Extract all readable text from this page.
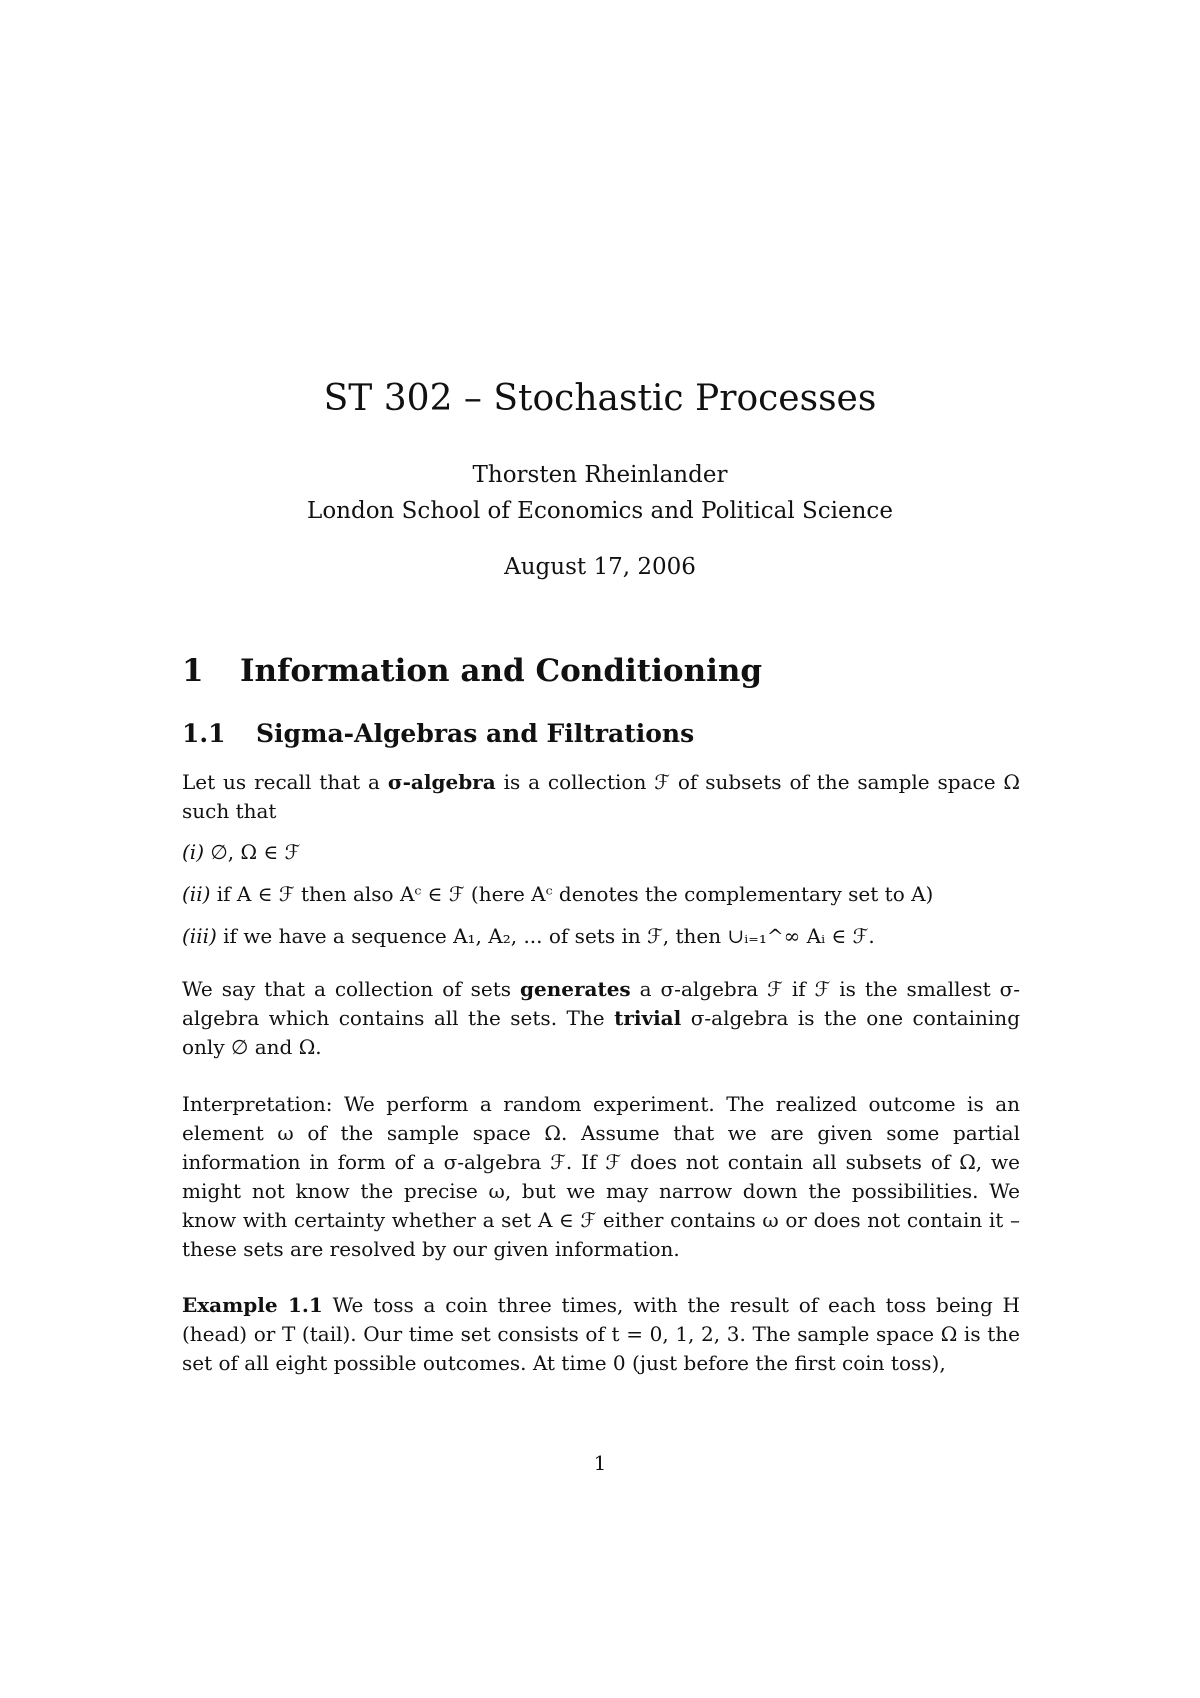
ST 302 – Stochastic Processes
Thorsten Rheinlander
London School of Economics and Political Science
August 17, 2006
1 Information and Conditioning
1.1 Sigma-Algebras and Filtrations
Let us recall that a σ-algebra is a collection ℱ of subsets of the sample space Ω such that
(i) ∅, Ω ∈ ℱ
(ii) if A ∈ ℱ then also Aᶜ ∈ ℱ (here Aᶜ denotes the complementary set to A)
(iii) if we have a sequence A₁, A₂, ... of sets in ℱ, then ∪ᵢ₌₁^∞ Aᵢ ∈ ℱ.
We say that a collection of sets generates a σ-algebra ℱ if ℱ is the smallest σ-algebra which contains all the sets. The trivial σ-algebra is the one containing only ∅ and Ω.
Interpretation: We perform a random experiment. The realized outcome is an element ω of the sample space Ω. Assume that we are given some partial information in form of a σ-algebra ℱ. If ℱ does not contain all subsets of Ω, we might not know the precise ω, but we may narrow down the possibilities. We know with certainty whether a set A ∈ ℱ either contains ω or does not contain it – these sets are resolved by our given information.
Example 1.1 We toss a coin three times, with the result of each toss being H (head) or T (tail). Our time set consists of t = 0, 1, 2, 3. The sample space Ω is the set of all eight possible outcomes. At time 0 (just before the first coin toss),
1
